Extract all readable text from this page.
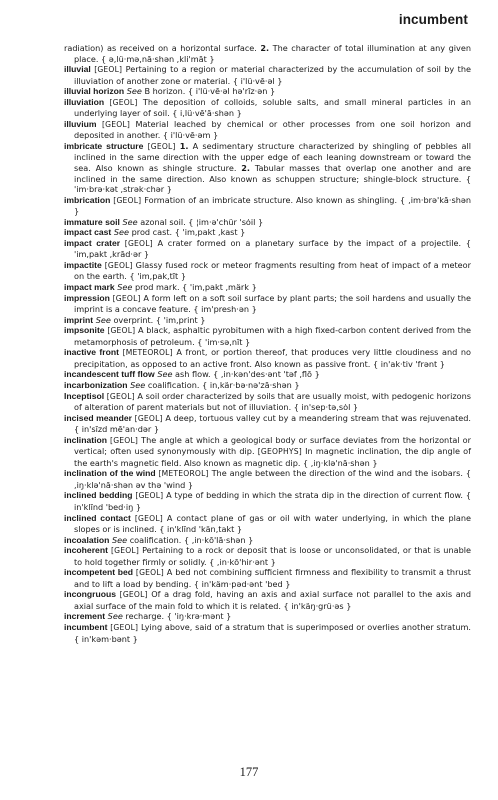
incumbent

radiation) as received on a horizontal surface. 2. The character of total illumination at any given place. { ə,lü·mə,nā·shən ,kli'māt }

illuvial [GEOL] Pertaining to a region or material characterized by the accumulation of soil by the illuviation of another zone or material. { i'lü·vē·əl }

illuvial horizon See B horizon. { i'lü·vē·əl hə'rīz·ən }

illuviation [GEOL] The deposition of colloids, soluble salts, and small mineral particles in an underlying layer of soil. { i,lü·vē'ā·shən }

illuvium [GEOL] Material leached by chemical or other processes from one soil horizon and deposited in another. { i'lü·vē·əm }

imbricate structure [GEOL] 1. A sedimentary structure characterized by shingling of pebbles all inclined in the same direction with the upper edge of each leaning downstream or toward the sea. Also known as shingle structure. 2. Tabular masses that overlap one another and are inclined in the same direction. Also known as schuppen structure; shingle-block structure. { 'im·brə·kət ,strək·chər }

imbrication [GEOL] Formation of an imbricate structure. Also known as shingling. { ,im·brə'kā·shən }

immature soil See azonal soil. { ¦im·ə'chür 'sȯil }

impact cast See prod cast. { 'im,pakt ,kast }

impact crater [GEOL] A crater formed on a planetary surface by the impact of a projectile. { 'im,pakt ,krād·ər }

impactite [GEOL] Glassy fused rock or meteor fragments resulting from heat of impact of a meteor on the earth. { 'im,pak,tīt }

impact mark See prod mark. { 'im,pakt ,märk }

impression [GEOL] A form left on a soft soil surface by plant parts; the soil hardens and usually the imprint is a concave feature. { im'presh·ən }

imprint See overprint. { 'im,print }

impsonite [GEOL] A black, asphaltic pyrobitumen with a high fixed-carbon content derived from the metamorphosis of petroleum. { 'im·sə,nīt }

inactive front [METEOROL] A front, or portion thereof, that produces very little cloudiness and no precipitation, as opposed to an active front. Also known as passive front. { in'ak·tiv 'frənt }

incandescent tuff flow See ash flow. { ,in·kən'des·ənt 'təf ,flō }

incarbonization See coalification. { in,kär·bə·nə'zā·shən }

Inceptisol [GEOL] A soil order characterized by soils that are usually moist, with pedogenic horizons of alteration of parent materials but not of illuviation. { in'sep·tə,sȯl }

incised meander [GEOL] A deep, tortuous valley cut by a meandering stream that was rejuvenated. { in'sīzd mē'an·dər }

inclination [GEOL] The angle at which a geological body or surface deviates from the horizontal or vertical; often used synonymously with dip. [GEOPHYS] In magnetic inclination, the dip angle of the earth's magnetic field. Also known as magnetic dip. { ,iŋ·klə'nā·shən }

inclination of the wind [METEOROL] The angle between the direction of the wind and the isobars. { ,iŋ·klə'nā·shən əv thə 'wind }

inclined bedding [GEOL] A type of bedding in which the strata dip in the direction of current flow. { in'klīnd 'bed·iŋ }

inclined contact [GEOL] A contact plane of gas or oil with water underlying, in which the plane slopes or is inclined. { in'klīnd 'kän,takt }

incoalation See coalification. { ,in·kō'lā·shən }

incoherent [GEOL] Pertaining to a rock or deposit that is loose or unconsolidated, or that is unable to hold together firmly or solidly. { ,in·kō'hir·ənt }

incompetent bed [GEOL] A bed not combining sufficient firmness and flexibility to transmit a thrust and to lift a load by bending. { in'käm·pəd·ənt 'bed }

incongruous [GEOL] Of a drag fold, having an axis and axial surface not parallel to the axis and axial surface of the main fold to which it is related. { in'käŋ·grü·əs }

increment See recharge. { 'iŋ·krə·mənt }

incumbent [GEOL] Lying above, said of a stratum that is superimposed or overlies another stratum. { in'kəm·bənt }

177
